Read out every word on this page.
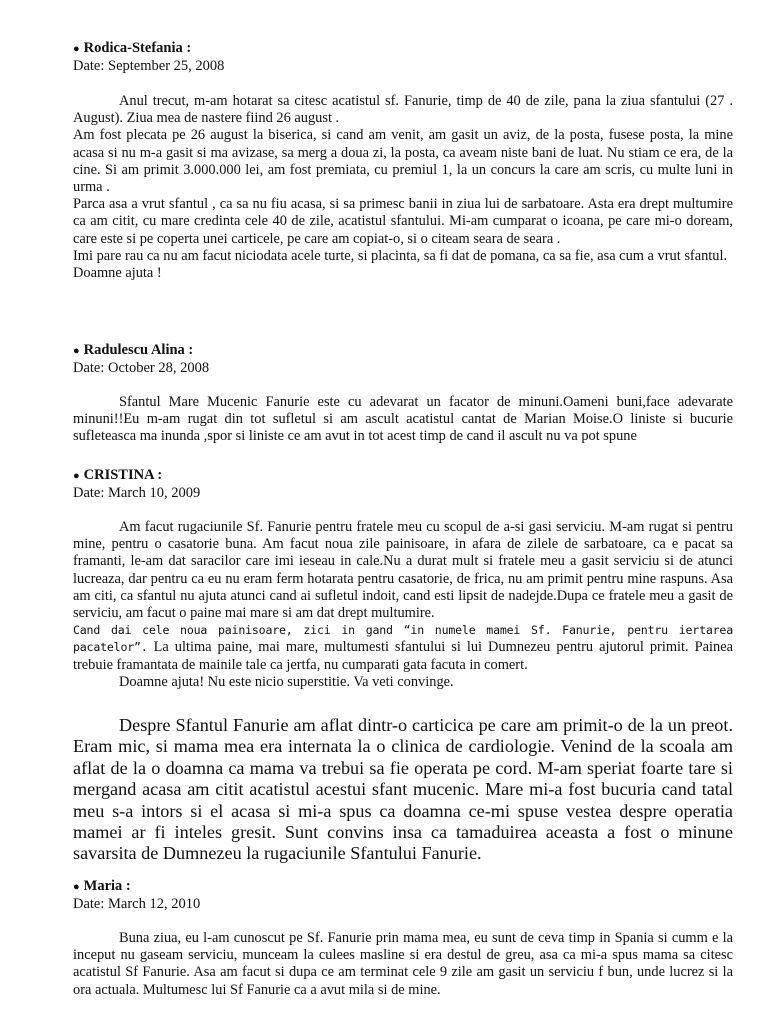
● Rodica-Stefania :
Date: September 25, 2008

Anul trecut, m-am hotarat sa citesc acatistul sf. Fanurie, timp de 40 de zile, pana la ziua sfantului (27 . August). Ziua mea de nastere fiind 26 august .

Am fost plecata pe 26 august la biserica, si cand am venit, am gasit un aviz, de la posta, fusese posta, la mine acasa si nu m-a gasit si ma avizase, sa merg a doua zi, la posta, ca aveam niste bani de luat. Nu stiam ce era, de la cine. Si am primit 3.000.000 lei, am fost premiata, cu premiul 1, la un concurs la care am scris, cu multe luni in urma .

Parca asa a vrut sfantul , ca sa nu fiu acasa, si sa primesc banii in ziua lui de sarbatoare. Asta era drept multumire ca am citit, cu mare credinta cele 40 de zile, acatistul sfantului. Mi-am cumparat o icoana, pe care mi-o doream, care este si pe coperta unei carticele, pe care am copiat-o, si o citeam seara de seara .

Imi pare rau ca nu am facut niciodata acele turte, si placinta, sa fi dat de pomana, ca sa fie, asa cum a vrut sfantul.

Doamne ajuta !

● Radulescu Alina :
Date: October 28, 2008

Sfantul Mare Mucenic Fanurie este cu adevarat un facator de minuni.Oameni buni,face adevarate minuni!!Eu m-am rugat din tot sufletul si am ascult acatistul cantat de Marian Moise.O liniste si bucurie sufleteasca ma inunda ,spor si liniste ce am avut in tot acest timp de cand il ascult nu va pot spune

● CRISTINA :
Date: March 10, 2009

Am facut rugaciunile Sf. Fanurie pentru fratele meu cu scopul de a-si gasi serviciu. M-am rugat si pentru mine, pentru o casatorie buna. Am facut noua zile painisoare, in afara de zilele de sarbatoare, ca e pacat sa framanti, le-am dat saracilor care imi ieseau in cale.Nu a durat mult si fratele meu a gasit serviciu si de atunci lucreaza, dar pentru ca eu nu eram ferm hotarata pentru casatorie, de frica, nu am primit pentru mine raspuns. Asa am citi, ca sfantul nu ajuta atunci cand ai sufletul indoit, cand esti lipsit de nadejde.Dupa ce fratele meu a gasit de serviciu, am facut o paine mai mare si am dat drept multumire.

Cand dai cele noua painisoare, zici in gand “in numele mamei Sf. Fanurie, pentru iertarea pacatelor”. La ultima paine, mai mare, multumesti sfantului si lui Dumnezeu pentru ajutorul primit. Painea trebuie framantata de mainile tale ca jertfa, nu cumparati gata facuta in comert.

Doamne ajuta! Nu este nicio superstitie. Va veti convinge.

Despre Sfantul Fanurie am aflat dintr-o carticica pe care am primit-o de la un preot. Eram mic, si mama mea era internata la o clinica de cardiologie. Venind de la scoala am aflat de la o doamna ca mama va trebui sa fie operata pe cord. M-am speriat foarte tare si mergand acasa am citit acatistul acestui sfant mucenic. Mare mi-a fost bucuria cand tatal meu s-a intors si el acasa si mi-a spus ca doamna ce-mi spuse vestea despre operatia mamei ar fi inteles gresit. Sunt convins insa ca tamaduirea aceasta a fost o minune savarsita de Dumnezeu la rugaciunile Sfantului Fanurie.

● Maria :
Date: March 12, 2010

Buna ziua, eu l-am cunoscut pe Sf. Fanurie prin mama mea, eu sunt de ceva timp in Spania si cumm e la inceput nu gaseam serviciu, munceam la culees masline si era destul de greu, asa ca mi-a spus mama sa citesc acatistul Sf Fanurie. Asa am facut si dupa ce am terminat cele 9 zile am gasit un serviciu f bun, unde lucrez si la ora actuala. Multumesc lui Sf Fanurie ca a avut mila si de mine.
